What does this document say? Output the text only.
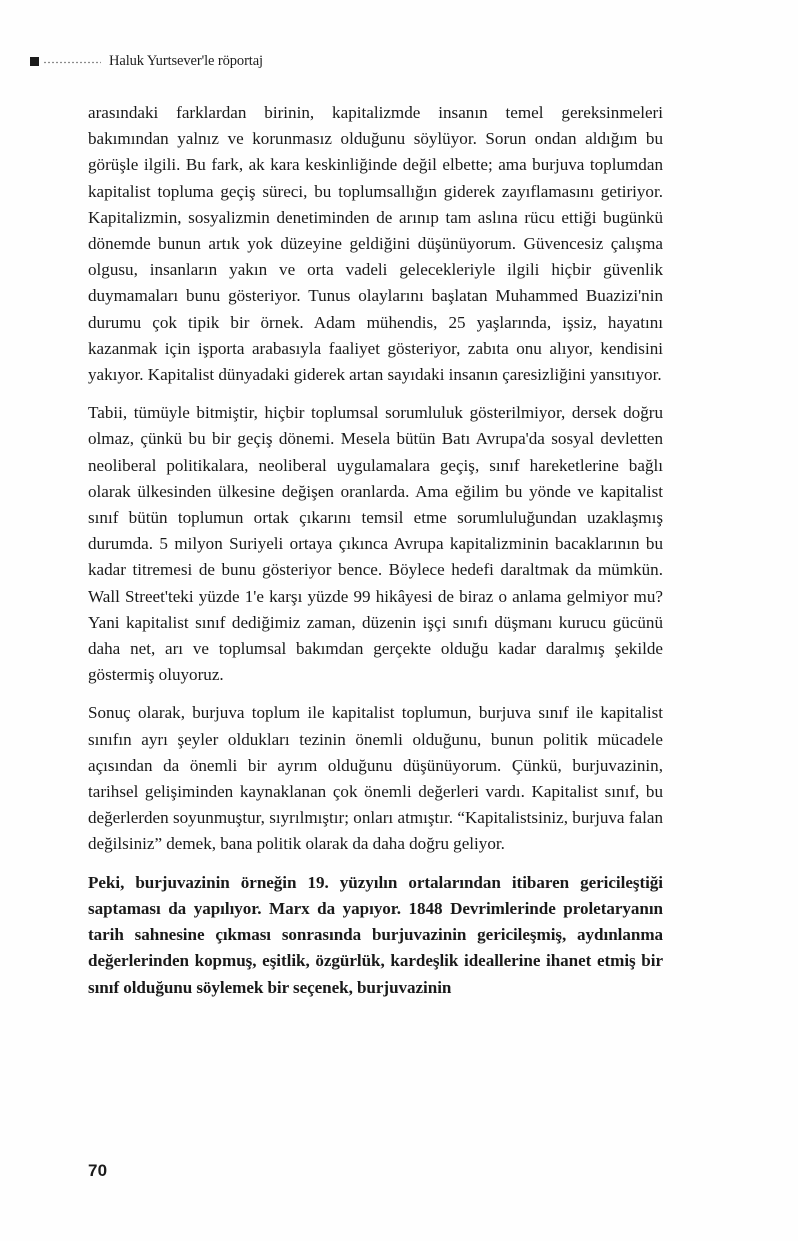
Haluk Yurtsever'le röportaj

arasındaki farklardan birinin, kapitalizmde insanın temel gereksinmeleri bakımından yalnız ve korunmasız olduğunu söylüyor. Sorun ondan aldığım bu görüşle ilgili. Bu fark, ak kara keskinliğinde değil elbette; ama burjuva toplumdan kapitalist topluma geçiş süreci, bu toplumsallığın giderek zayıflamasını getiriyor. Kapitalizmin, sosyalizmin denetiminden de arınıp tam aslına rücu ettiği bugünkü dönemde bunun artık yok düzeyine geldiğini düşünüyorum. Güvencesiz çalışma olgusu, insanların yakın ve orta vadeli gelecekleriyle ilgili hiçbir güvenlik duymamaları bunu gösteriyor. Tunus olaylarını başlatan Muhammed Buazizi'nin durumu çok tipik bir örnek. Adam mühendis, 25 yaşlarında, işsiz, hayatını kazanmak için işporta arabasıyla faaliyet gösteriyor, zabıta onu alıyor, kendisini yakıyor. Kapitalist dünyadaki giderek artan sayıdaki insanın çaresizliğini yansıtıyor.

Tabii, tümüyle bitmiştir, hiçbir toplumsal sorumluluk gösterilmiyor, dersek doğru olmaz, çünkü bu bir geçiş dönemi. Mesela bütün Batı Avrupa'da sosyal devletten neoliberal politikalara, neoliberal uygulamalara geçiş, sınıf hareketlerine bağlı olarak ülkesinden ülkesine değişen oranlarda. Ama eğilim bu yönde ve kapitalist sınıf bütün toplumun ortak çıkarını temsil etme sorumluluğundan uzaklaşmış durumda. 5 milyon Suriyeli ortaya çıkınca Avrupa kapitalizminin bacaklarının bu kadar titremesi de bunu gösteriyor bence. Böylece hedefi daraltmak da mümkün. Wall Street'teki yüzde 1'e karşı yüzde 99 hikâyesi de biraz o anlama gelmiyor mu? Yani kapitalist sınıf dediğimiz zaman, düzenin işçi sınıfı düşmanı kurucu gücünü daha net, arı ve toplumsal bakımdan gerçekte olduğu kadar daralmış şekilde göstermiş oluyoruz.

Sonuç olarak, burjuva toplum ile kapitalist toplumun, burjuva sınıf ile kapitalist sınıfın ayrı şeyler oldukları tezinin önemli olduğunu, bunun politik mücadele açısından da önemli bir ayrım olduğunu düşünüyorum. Çünkü, burjuvazinin, tarihsel gelişiminden kaynaklanan çok önemli değerleri vardı. Kapitalist sınıf, bu değerlerden soyunmuştur, sıyrılmıştır; onları atmıştır. “Kapitalistsiniz, burjuva falan değilsiniz” demek, bana politik olarak da daha doğru geliyor.

Peki, burjuvazinin örneğin 19. yüzyılın ortalarından itibaren gericileştiği saptaması da yapılıyor. Marx da yapıyor. 1848 Devrimlerinde proletaryanın tarih sahnesine çıkması sonrasında burjuvazinin gericileşmiş, aydınlanma değerlerinden kopmuş, eşitlik, özgürlük, kardeşlik ideallerine ihanet etmiş bir sınıf olduğunu söylemek bir seçenek, burjuvazinin

70
